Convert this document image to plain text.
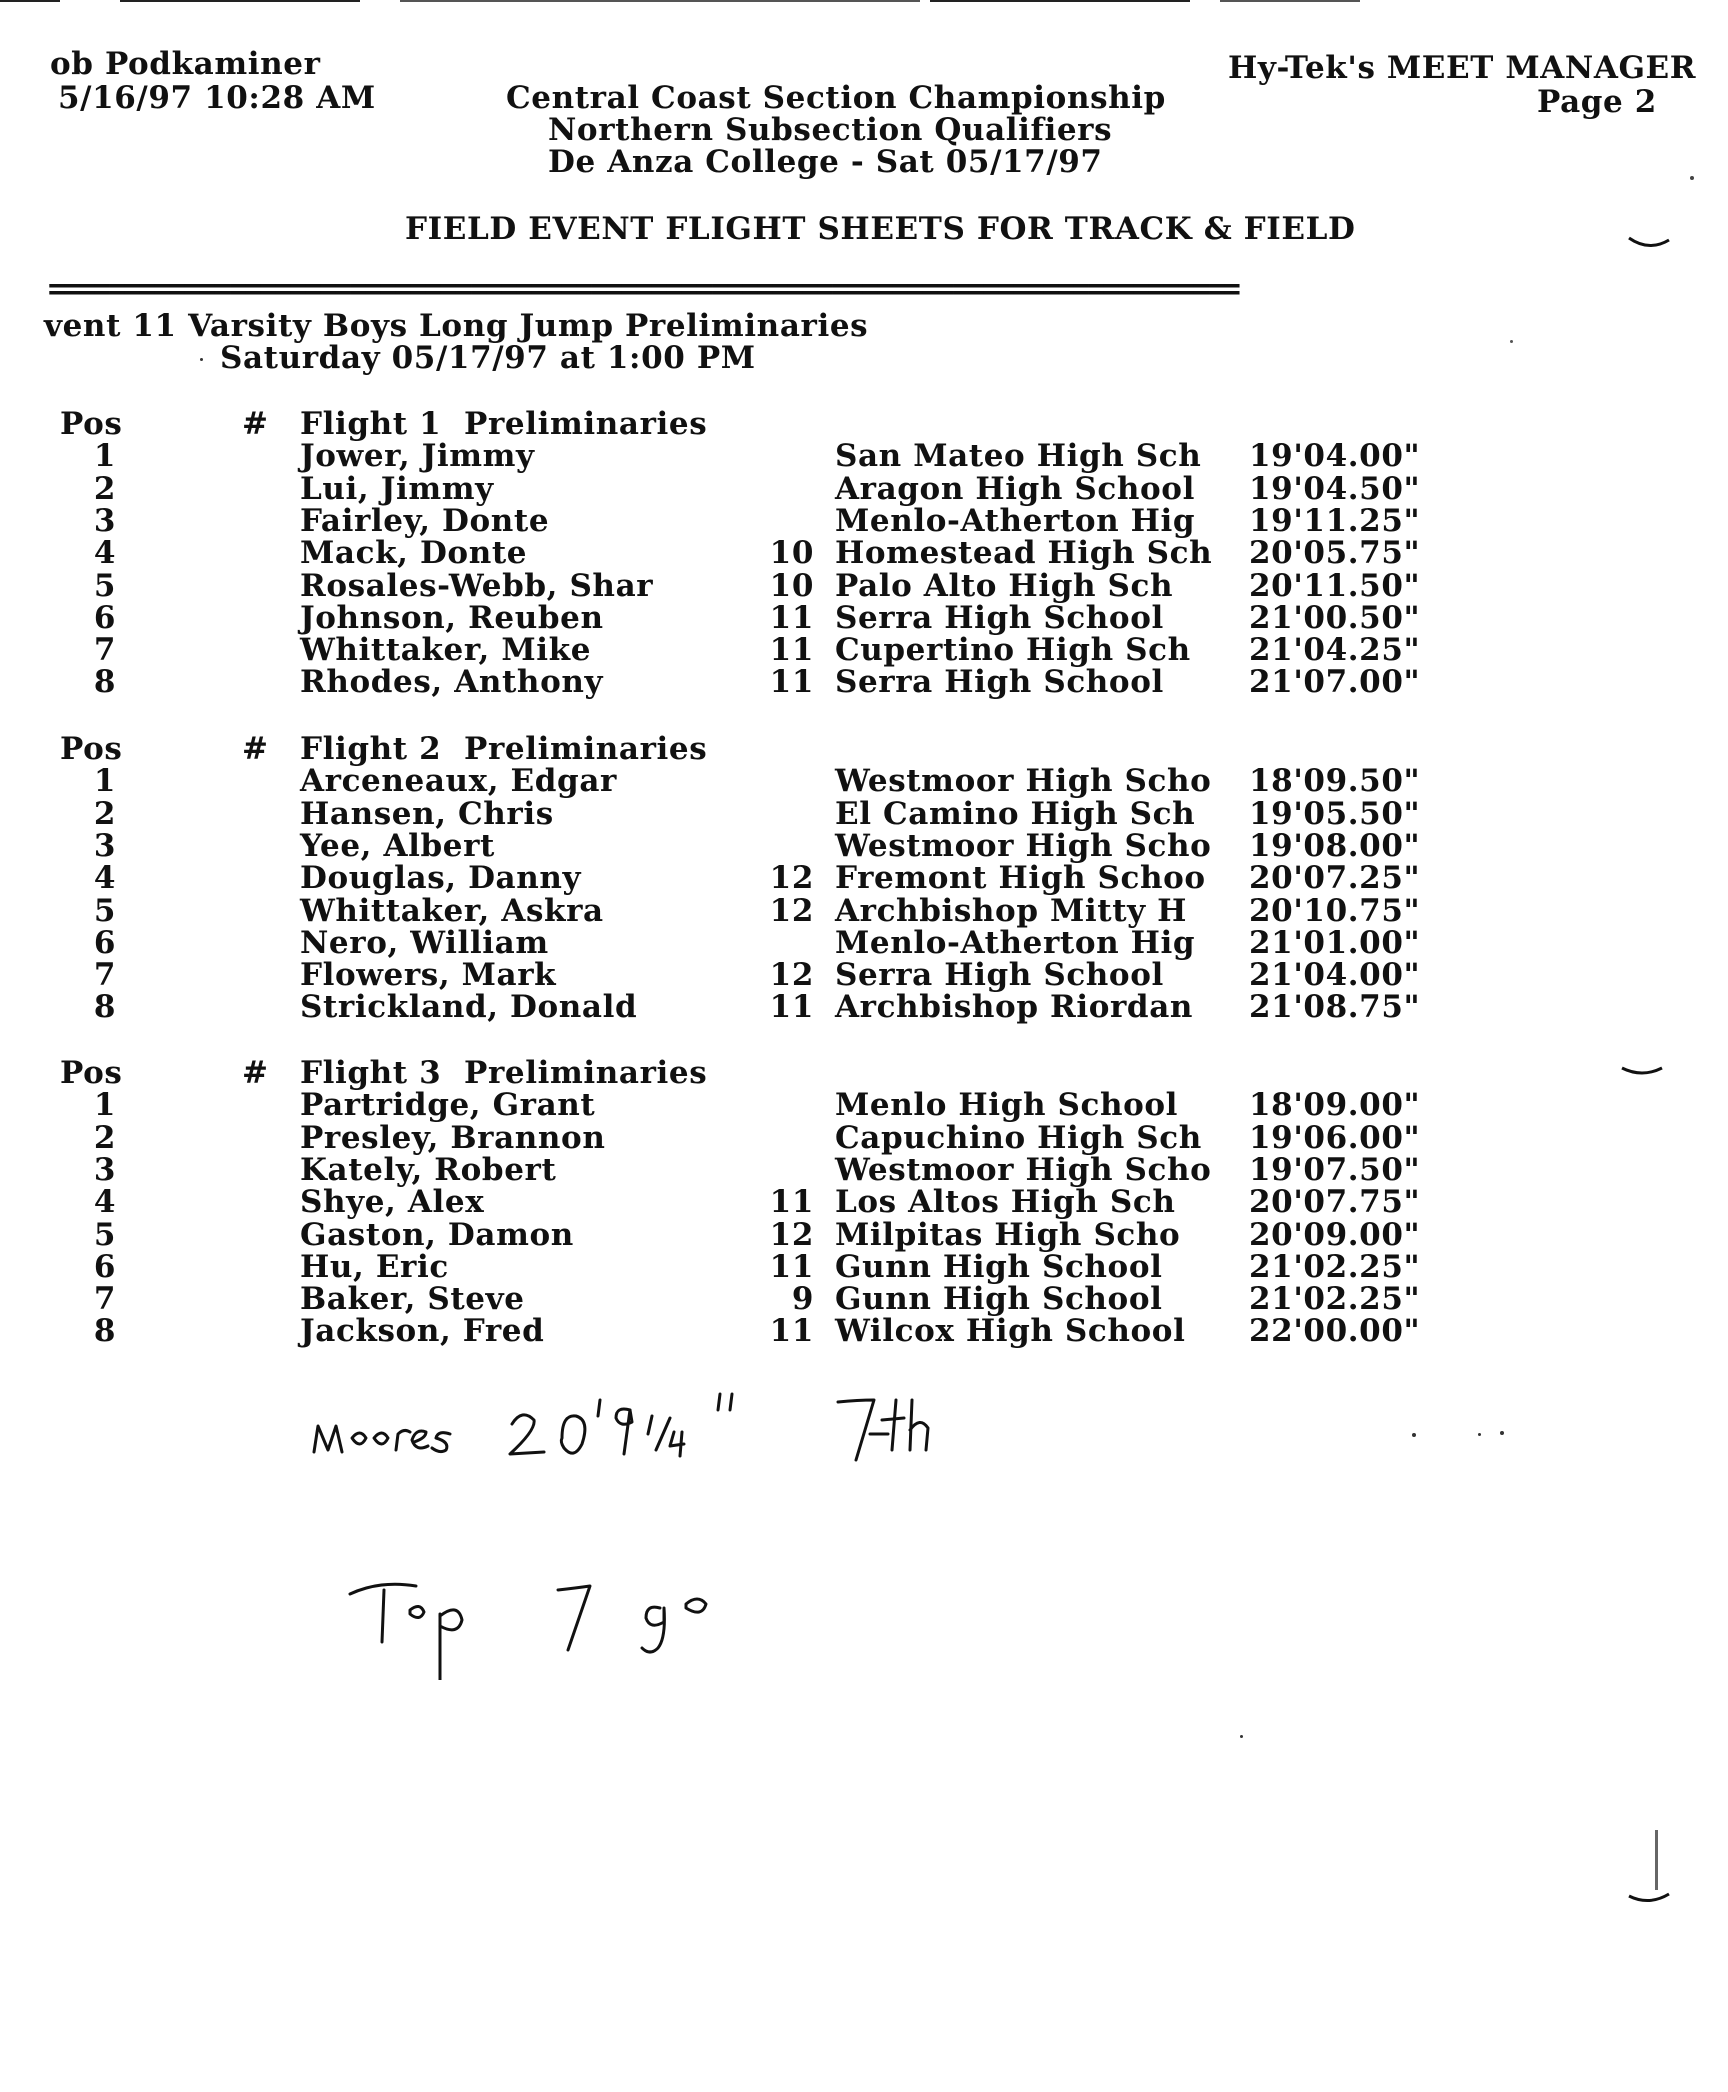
ob Podkaminer
5/16/97 10:28 AM
Hy-Tek's MEET MANAGER
Page 2
Central Coast Section Championship
Northern Subsection Qualifiers
De Anza College - Sat 05/17/97
FIELD EVENT FLIGHT SHEETS FOR TRACK & FIELD
===============================================================================
vent 11 Varsity Boys Long Jump Preliminaries
Saturday 05/17/97 at 1:00 PM
Pos	# Flight 1  Preliminaries
1	Jower, Jimmy	San Mateo High Sch 19'04.00"
2	Lui, Jimmy	Aragon High School 19'04.50"
3	Fairley, Donte	Menlo-Atherton Hig 19'11.25"
4	Mack, Donte	10 Homestead High Sch 20'05.75"
5	Rosales-Webb, Shar	10 Palo Alto High Sch 20'11.50"
6	Johnson, Reuben	11 Serra High School	21'00.50"
7	Whittaker, Mike	11 Cupertino High Sch 21'04.25"
8	Rhodes, Anthony	11 Serra High School	21'07.00"
Pos	# Flight 2  Preliminaries
1	Arceneaux, Edgar	Westmoor High Scho 18'09.50"
2	Hansen, Chris	El Camino High Sch 19'05.50"
3	Yee, Albert	Westmoor High Scho 19'08.00"
4	Douglas, Danny	12 Fremont High Schoo 20'07.25"
5	Whittaker, Askra	12 Archbishop Mitty H 20'10.75"
6	Nero, William	Menlo-Atherton Hig 21'01.00"
7	Flowers, Mark	12 Serra High School	21'04.00"
8	Strickland, Donald	11 Archbishop Riordan 21'08.75"
Pos	# Flight 3  Preliminaries
1	Partridge, Grant	Menlo High School 18'09.00"
2	Presley, Brannon	Capuchino High Sch 19'06.00"
3	Kately, Robert	Westmoor High Scho 19'07.50"
4	Shye, Alex	11 Los Altos High Sch 20'07.75"
5	Gaston, Damon	12 Milpitas High Scho 20'09.00"
6	Hu, Eric	11 Gunn High School	21'02.25"
7	Baker, Steve	9 Gunn High School	21'02.25"
8	Jackson, Fred	11 Wilcox High School 22'00.00"
